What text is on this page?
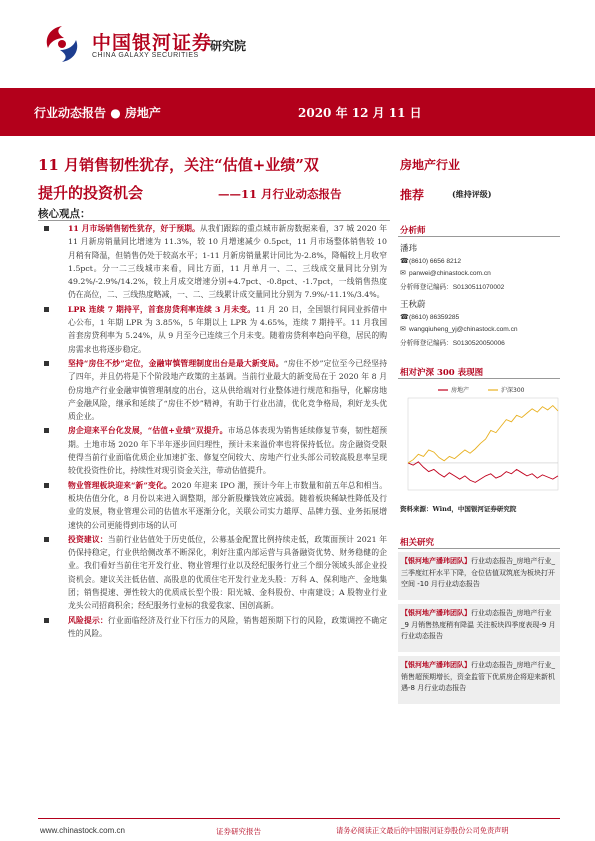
中国银河证券
CHINA GALAXY SECURITIES
研究院
行业动态报告 ● 房地产	2020 年 12 月 11 日
11 月销售韧性犹存，关注“估值+业绩”双
提升的投资机会	——11 月行业动态报告
核心观点：
11 月市场销售韧性犹存，好于预期。从我们跟踪的重点城市新房数据来看，37 城 2020 年 11 月新房销量同比增速为 11.3%，较 10 月增速减少 0.5pct，11 月市场整体销售较 10 月稍有降温，但销售仍处于较高水平；1-11 月新房销量累计同比为-2.8%，降幅较上月收窄 1.5pct。分一二三线城市来看，同比方面，11 月单月一、二、三线成交量同比分别为 49.2%/-2.9%/14.2%，较上月成交增速分别+4.7pct、-0.8pct、-1.7pct，一线销售热度仍在高位，二、三线热度略减，一、二、三线累计成交量同比分别为 7.9%/-11.1%/3.4%。
LPR 连续 7 期持平，首套房贷利率连续 3 月未变。11 月 20 日，全国银行间同业拆借中心公布，1 年期 LPR 为 3.85%，5 年期以上 LPR 为 4.65%，连续 7 期持平。11 月我国首套房贷利率为 5.24%，从 9 月至今已连续三个月未变。随着房贷利率趋向平稳，居民的购房需求也将逐步稳定。
坚持“房住不炒”定位，金融审慎管理制度出台是最大新变局。“房住不炒”定位至今已经坚持了四年，并且仍将是下个阶段地产政策的主基调。当前行业最大的新变局在于 2020 年 8 月份房地产行业金融审慎管理制度的出台，这从供给端对行业整体进行规范和指导，化解房地产金融风险，继承和延续了“房住不炒”精神，有助于行业出清，优化竞争格局，利好龙头优质企业。
房企迎来平台化发展，“估值+业绩”双提升。市场总体表现为销售延续修复节奏，韧性超预期。土地市场 2020 年下半年逐步回归理性，预计未来溢价率也将保持低位。房企融资受限使得当前行业面临优质企业加速扩张、修复空间较大、房地产行业头部公司较高股息率呈现较优投资性价比，持续性对现引资金关注，带动估值提升。
物业管理板块迎来“新”变化。2020 年迎来 IPO 潮，预计今年上市数量和前五年总和相当。板块估值分化，8 月份以来进入调整期，部分新股赚钱效应减弱。随着板块稀缺性降低及行业的发展，物业管理公司的估值水平逐渐分化，关联公司实力雄厚、品牌力强、业务拓展增速快的公司更能得到市场的认可
投资建议：当前行业估值处于历史低位，公募基金配置比例持续走低，政策面预计 2021 年仍保持稳定，行业供给侧改革不断深化，利好注重内部运营与具备融资优势、财务稳健的企业。我们看好当前住宅开发行业、物业管理行业以及经纪服务行业三个细分领域头部企业投资机会。建议关注低估值、高股息的优质住宅开发行业龙头股：万科 A、保利地产、金地集团；销售提速、弹性较大的优质成长型个股：阳光城、金科股份、中南建设；A 股物业行业龙头公司招商积余；经纪服务行业标的我爱我家、国创高新。
风险提示：行业面临经济及行业下行压力的风险，销售超预期下行的风险，政策调控不确定性的风险。
房地产行业
推荐	(维持评级)
分析师
潘玮
☎(8610) 6656 8212
✉ panwei@chinastock.com.cn
分析师登记编码：S0130511070002
王秋蔚
☎(8610) 86359285
✉ wangqiuheng_yj@chinastock.com.cn
分析师登记编码：S0130520050006
相对沪深 300 表现图
房地产	沪深300
资料来源：Wind，中国银河证券研究院
相关研究
【银河地产潘玮团队】行业动态报告_房地产行业_三季度红杆水平下降，仓位估值双筑底为板块打开空间 -10 月行业动态报告
【银河地产潘玮团队】行业动态报告_房地产行业_9 月销售热度稍有降温 关注板块四季度表现-9 月行业动态报告
【银河地产潘玮团队】行业动态报告_房地产行业_销售超预期增长，资金监管下优质房企将迎来新机遇-8 月行业动态报告
www.chinastock.com.cn	证券研究报告	请务必阅读正文最后的中国银河证券股份公司免责声明
